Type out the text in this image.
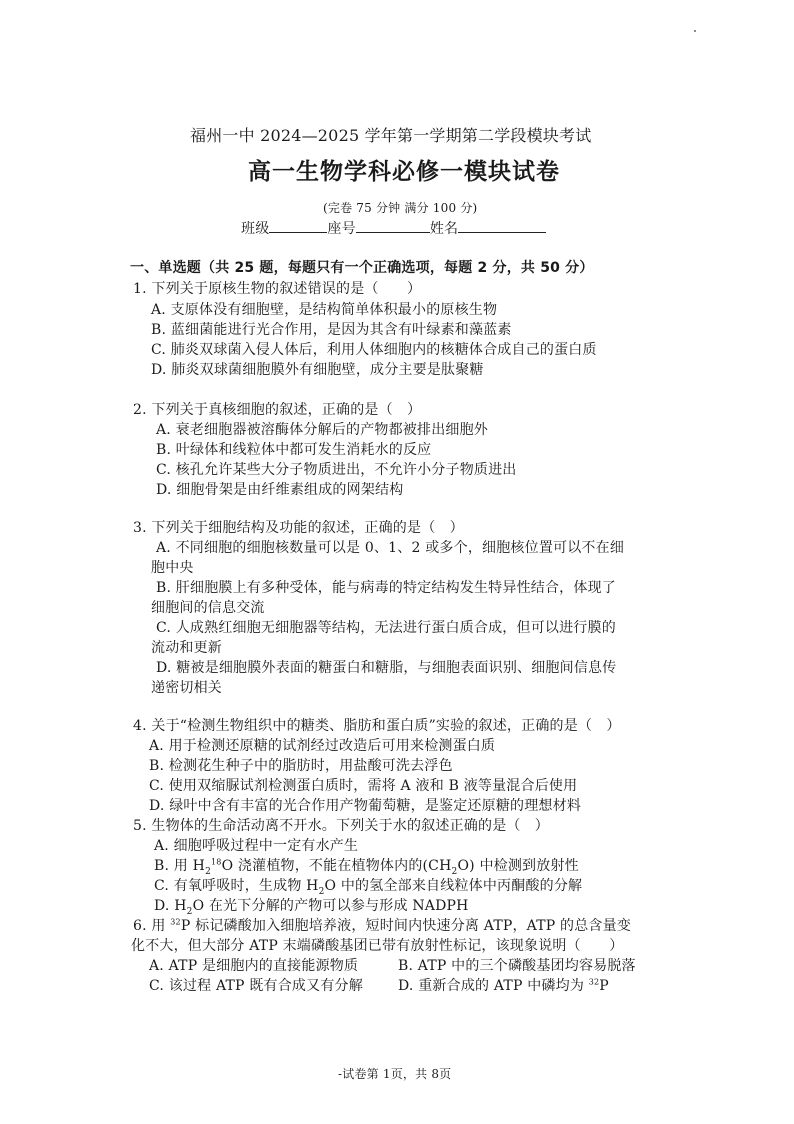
福州一中 2024—2025 学年第一学期第二学段模块考试
高一生物学科必修一模块试卷
(完卷 75 分钟 满分 100 分)
班级	座号	姓名
一、单选题（共 25 题，每题只有一个正确选项，每题 2 分，共 50 分）
1. 下列关于原核生物的叙述错误的是（　　）
A. 支原体没有细胞壁，是结构简单体积最小的原核生物
B. 蓝细菌能进行光合作用，是因为其含有叶绿素和藻蓝素
C. 肺炎双球菌入侵人体后，利用人体细胞内的核糖体合成自己的蛋白质
D. 肺炎双球菌细胞膜外有细胞壁，成分主要是肽聚糖
2. 下列关于真核细胞的叙述，正确的是（　）
A. 衰老细胞器被溶酶体分解后的产物都被排出细胞外
B. 叶绿体和线粒体中都可发生消耗水的反应
C. 核孔允许某些大分子物质进出，不允许小分子物质进出
D. 细胞骨架是由纤维素组成的网架结构
3. 下列关于细胞结构及功能的叙述，正确的是（　）
A. 不同细胞的细胞核数量可以是 0、1、2 或多个，细胞核位置可以不在细
胞中央
B. 肝细胞膜上有多种受体，能与病毒的特定结构发生特异性结合，体现了
细胞间的信息交流
C. 人成熟红细胞无细胞器等结构，无法进行蛋白质合成，但可以进行膜的
流动和更新
D. 糖被是细胞膜外表面的糖蛋白和糖脂，与细胞表面识别、细胞间信息传
递密切相关
4. 关于“检测生物组织中的糖类、脂肪和蛋白质”实验的叙述，正确的是（　）
A. 用于检测还原糖的试剂经过改造后可用来检测蛋白质
B. 检测花生种子中的脂肪时，用盐酸可洗去浮色
C. 使用双缩脲试剂检测蛋白质时，需将 A 液和 B 液等量混合后使用
D. 绿叶中含有丰富的光合作用产物葡萄糖，是鉴定还原糖的理想材料
5. 生物体的生命活动离不开水。下列关于水的叙述正确的是（　）
A. 细胞呼吸过程中一定有水产生
B. 用 $H_2^{18}O$ 浇灌植物，不能在植物体内的$(CH_2O)$ 中检测到放射性
C. 有氧呼吸时，生成物 $H_2O$ 中的氢全部来自线粒体中丙酮酸的分解
D. $H_2O$ 在光下分解的产物可以参与形成 NADPH
6. 用 $^{32}$P 标记磷酸加入细胞培养液，短时间内快速分离 ATP，ATP 的总含量变
化不大，但大部分 ATP 末端磷酸基团已带有放射性标记，该现象说明（　　）
A. ATP 是细胞内的直接能源物质	B. ATP 中的三个磷酸基团均容易脱落
C. 该过程 ATP 既有合成又有分解	D. 重新合成的 ATP 中磷均为 $^{32}$P
-试卷第 1页，共 8页
